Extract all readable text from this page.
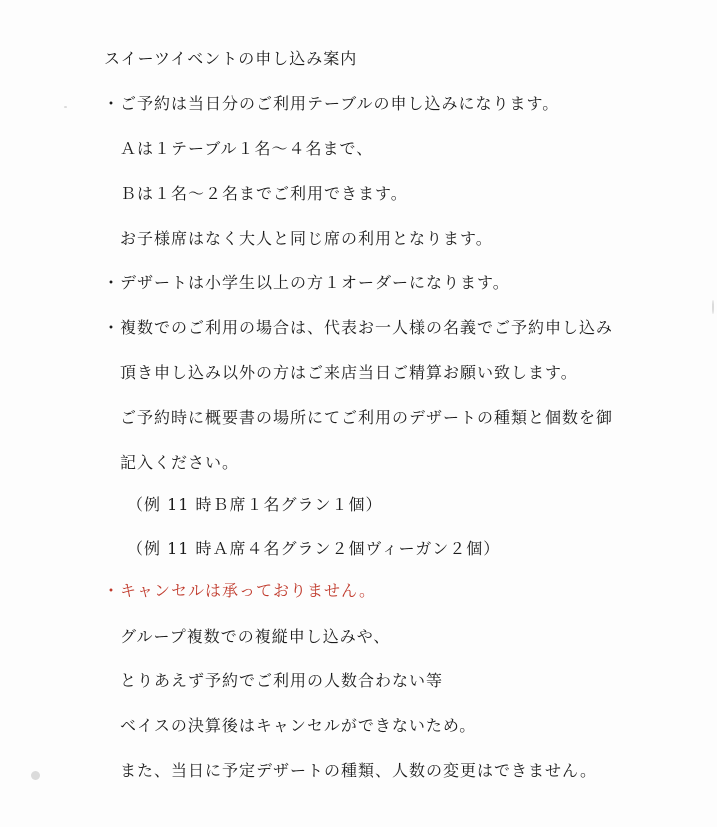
スイーツイベントの申し込み案内
・ご予約は当日分のご利用テーブルの申し込みになります。
Ａは１テーブル１名～４名まで、
Ｂは１名～２名までご利用できます。
お子様席はなく大人と同じ席の利用となります。
・デザートは小学生以上の方１オーダーになります。
・複数でのご利用の場合は、代表お一人様の名義でご予約申し込み
頂き申し込み以外の方はご来店当日ご精算お願い致します。
ご予約時に概要書の場所にてご利用のデザートの種類と個数を御
記入ください。
（例 11 時Ｂ席１名グラン１個）
（例 11 時Ａ席４名グラン２個ヴィーガン２個）
・キャンセルは承っておりません。
グループ複数での複縦申し込みや、
とりあえず予約でご利用の人数合わない等
ベイスの決算後はキャンセルができないため。
また、当日に予定デザートの種類、人数の変更はできません。
